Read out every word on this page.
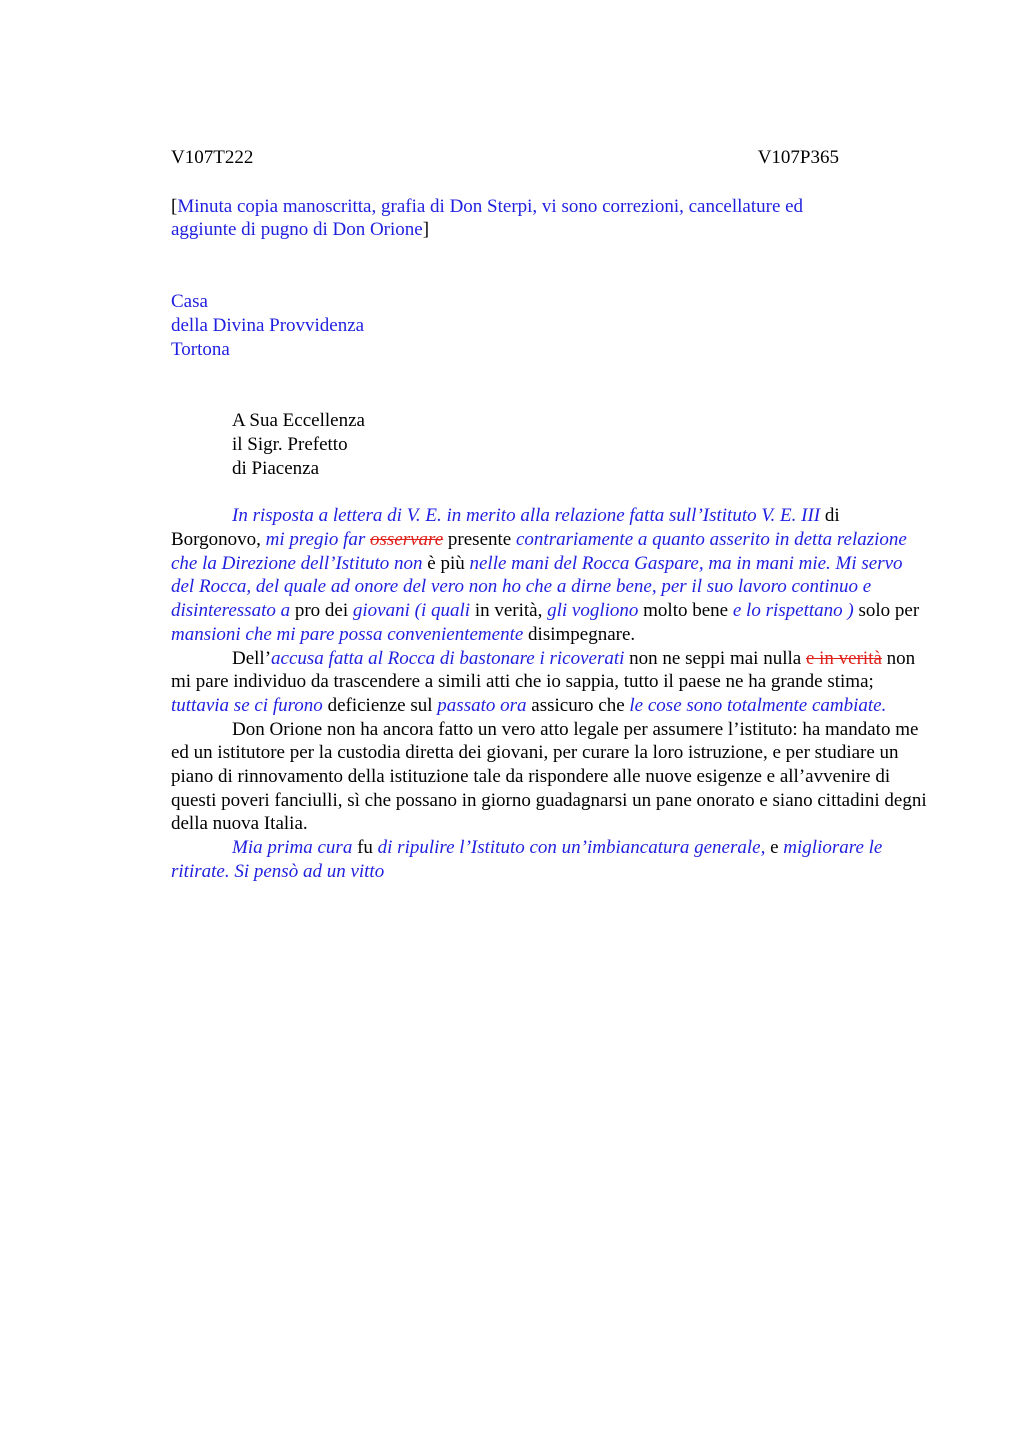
V107T222	V107P365
[Minuta copia manoscritta, grafia di Don Sterpi, vi sono correzioni, cancellature ed
aggiunte di pugno di Don Orione]
Casa
della Divina Provvidenza
Tortona
A Sua Eccellenza
il Sigr. Prefetto
di Piacenza

In risposta a lettera di V. E. in merito alla relazione fatta sull’Istituto V. E. III di Borgonovo, mi pregio far osservare presente contrariamente a quanto asserito in detta relazione che la Direzione dell’Istituto non è più nelle mani del Rocca Gaspare, ma in mani mie. Mi servo del Rocca, del quale ad onore del vero non ho che a dirne bene, per il suo lavoro continuo e disinteressato a pro dei giovani (i quali in verità, gli vogliono molto bene e lo rispettano ) solo per mansioni che mi pare possa convenientemente disimpegnare.

Dell’accusa fatta al Rocca di bastonare i ricoverati non ne seppi mai nulla e in verità non mi pare individuo da trascendere a simili atti che io sappia, tutto il paese ne ha grande stima; tuttavia se ci furono deficienze sul passato ora assicuro che le cose sono totalmente cambiate.

Don Orione non ha ancora fatto un vero atto legale per assumere l’istituto: ha mandato me ed un istitutore per la custodia diretta dei giovani, per curare la loro istruzione, e per studiare un piano di rinnovamento della istituzione tale da rispondere alle nuove esigenze e all’avvenire di questi poveri fanciulli, sì che possano in giorno guadagnarsi un pane onorato e siano cittadini degni della nuova Italia.

Mia prima cura fu di ripulire l’Istituto con un’imbiancatura generale, e migliorare le ritirate. Si pensò ad un vitto
